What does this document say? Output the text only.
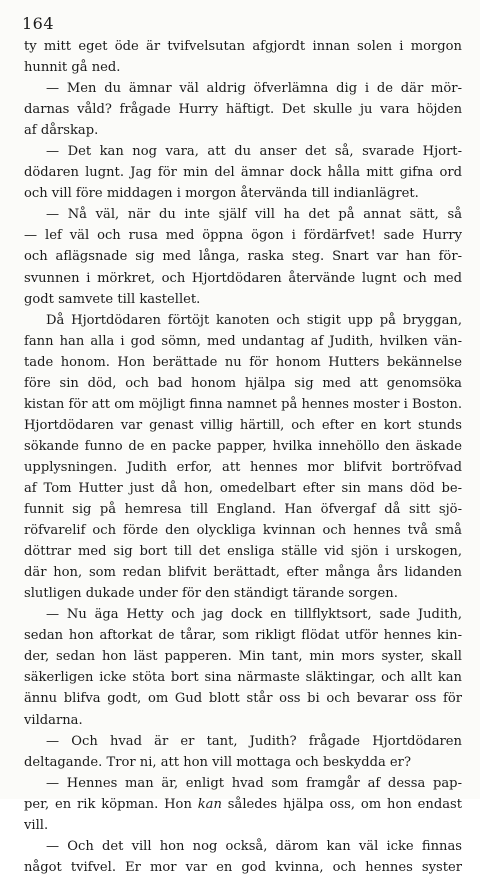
164
ty mitt eget öde är tvifvelsutan afgjordt innan solen i morgon
hunnit gå ned.
— Men du ämnar väl aldrig öfverlämna dig i de där mör-
darnas våld? frågade Hurry häftigt. Det skulle ju vara höjden
af dårskap.
— Det kan nog vara, att du anser det så, svarade Hjort-
dödaren lugnt. Jag för min del ämnar dock hålla mitt gifna ord
och vill före middagen i morgon återvända till indianlägret.
— Nå väl, när du inte själf vill ha det på annat sätt, så
— lef väl och rusa med öppna ögon i fördärfvet! sade Hurry
och aflägsnade sig med långa, raska steg. Snart var han för-
svunnen i mörkret, och Hjortdödaren återvände lugnt och med
godt samvete till kastellet.
Då Hjortdödaren förtöjt kanoten och stigit upp på bryggan,
fann han alla i god sömn, med undantag af Judith, hvilken vän-
tade honom. Hon berättade nu för honom Hutters bekännelse
före sin död, och bad honom hjälpa sig med att genomsöka
kistan för att om möjligt finna namnet på hennes moster i Boston.
Hjortdödaren var genast villig härtill, och efter en kort stunds
sökande funno de en packe papper, hvilka innehöllo den äskade
upplysningen. Judith erfor, att hennes mor blifvit bortröfvad
af Tom Hutter just då hon, omedelbart efter sin mans död be-
funnit sig på hemresa till England. Han öfvergaf då sitt sjö-
röfvarelif och förde den olyckliga kvinnan och hennes två små
döttrar med sig bort till det ensliga ställe vid sjön i urskogen,
där hon, som redan blifvit berättadt, efter många års lidanden
slutligen dukade under för den ständigt tärande sorgen.
— Nu äga Hetty och jag dock en tillflyktsort, sade Judith,
sedan hon aftorkat de tårar, som rikligt flödat utför hennes kin-
der, sedan hon läst papperen. Min tant, min mors syster, skall
säkerligen icke stöta bort sina närmaste släktingar, och allt kan
ännu blifva godt, om Gud blott står oss bi och bevarar oss för
vildarna.
— Och hvad är er tant, Judith? frågade Hjortdödaren
deltagande. Tror ni, att hon vill mottaga och beskydda er?
— Hennes man är, enligt hvad som framgår af dessa pap-
per, en rik köpman. Hon kan således hjälpa oss, om hon endast
vill.
— Och det vill hon nog också, därom kan väl icke finnas
något tvifvel. Er mor var en god kvinna, och hennes syster
